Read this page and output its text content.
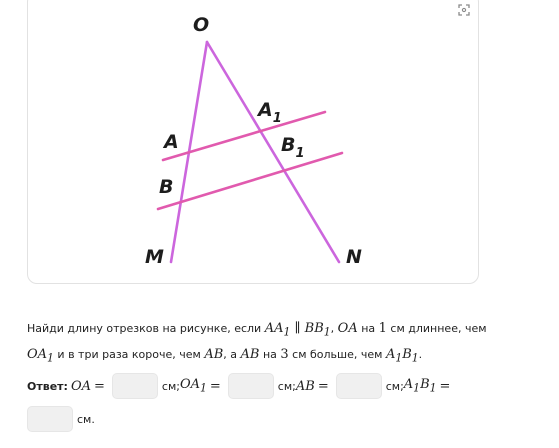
O
A
$A_1$
$B_1$
B
M	N
Найди длину отрезков на рисунке, если $AA_1$ ∥ $BB_1$, OA на 1 см длиннее, чем
$OA_1$ и в три раза короче, чем AB, а AB на 3 см больше, чем $A_1B_1$.
Ответ: OA =	см; $OA_1$ =	см; AB =	см; $A_1B_1$ =
см.
